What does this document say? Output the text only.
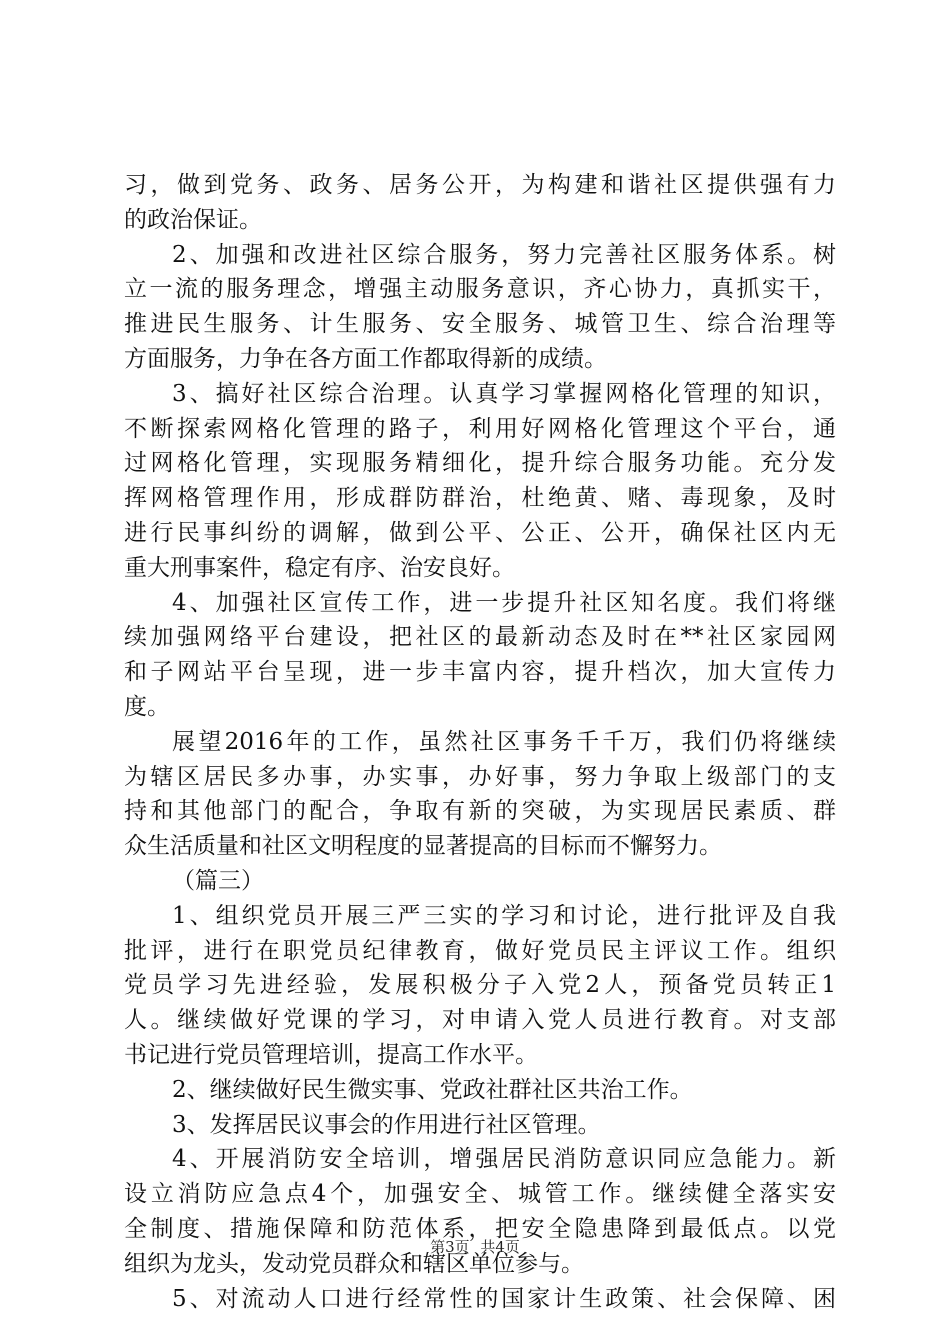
习，做到党务、政务、居务公开，为构建和谐社区提供强有力
的政治保证。
2、加强和改进社区综合服务，努力完善社区服务体系。树
立一流的服务理念，增强主动服务意识，齐心协力，真抓实干，
推进民生服务、计生服务、安全服务、城管卫生、综合治理等
方面服务，力争在各方面工作都取得新的成绩。
3、搞好社区综合治理。认真学习掌握网格化管理的知识，
不断探索网格化管理的路子，利用好网格化管理这个平台，通
过网格化管理，实现服务精细化，提升综合服务功能。充分发
挥网格管理作用，形成群防群治，杜绝黄、赌、毒现象，及时
进行民事纠纷的调解，做到公平、公正、公开，确保社区内无
重大刑事案件，稳定有序、治安良好。
4、加强社区宣传工作，进一步提升社区知名度。我们将继
续加强网络平台建设，把社区的最新动态及时在**社区家园网
和子网站平台呈现，进一步丰富内容，提升档次，加大宣传力
度。
展望2016年的工作，虽然社区事务千千万，我们仍将继续
为辖区居民多办事，办实事，办好事，努力争取上级部门的支
持和其他部门的配合，争取有新的突破，为实现居民素质、群
众生活质量和社区文明程度的显著提高的目标而不懈努力。
（篇三）
1、组织党员开展三严三实的学习和讨论，进行批评及自我
批评，进行在职党员纪律教育，做好党员民主评议工作。组织
党员学习先进经验，发展积极分子入党2人，预备党员转正1
人。继续做好党课的学习，对申请入党人员进行教育。对支部
书记进行党员管理培训，提高工作水平。
2、继续做好民生微实事、党政社群社区共治工作。
3、发挥居民议事会的作用进行社区管理。
4、开展消防安全培训，增强居民消防意识同应急能力。新
设立消防应急点4个，加强安全、城管工作。继续健全落实安
全制度、措施保障和防范体系，把安全隐患降到最低点。以党
组织为龙头，发动党员群众和辖区单位参与。
5、对流动人口进行经常性的国家计生政策、社会保障、困
第3页 共4页
